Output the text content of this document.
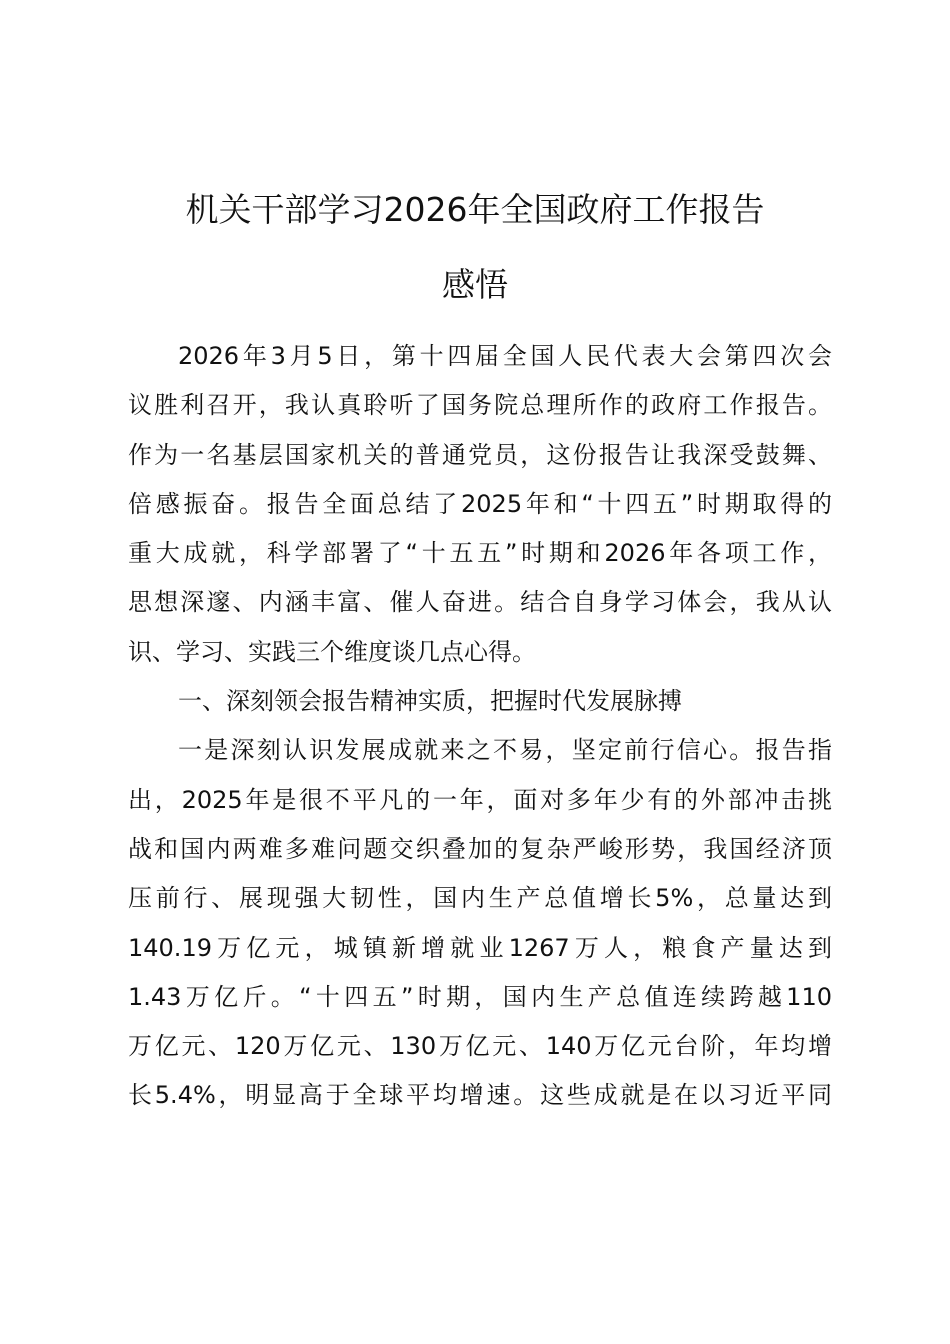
机关干部学习2026年全国政府工作报告
感悟
2026年3月5日，第十四届全国人民代表大会第四次会
议胜利召开，我认真聆听了国务院总理所作的政府工作报告。
作为一名基层国家机关的普通党员，这份报告让我深受鼓舞、
倍感振奋。报告全面总结了2025年和“十四五”时期取得的
重大成就，科学部署了“十五五”时期和2026年各项工作，
思想深邃、内涵丰富、催人奋进。结合自身学习体会，我从认
识、学习、实践三个维度谈几点心得。
一、深刻领会报告精神实质，把握时代发展脉搏
一是深刻认识发展成就来之不易，坚定前行信心。报告指
出，2025年是很不平凡的一年，面对多年少有的外部冲击挑
战和国内两难多难问题交织叠加的复杂严峻形势，我国经济顶
压前行、展现强大韧性，国内生产总值增长5%，总量达到
140.19万亿元，城镇新增就业1267万人，粮食产量达到
1.43万亿斤。“十四五”时期，国内生产总值连续跨越110
万亿元、120万亿元、130万亿元、140万亿元台阶，年均增
长5.4%，明显高于全球平均增速。这些成就是在以习近平同
